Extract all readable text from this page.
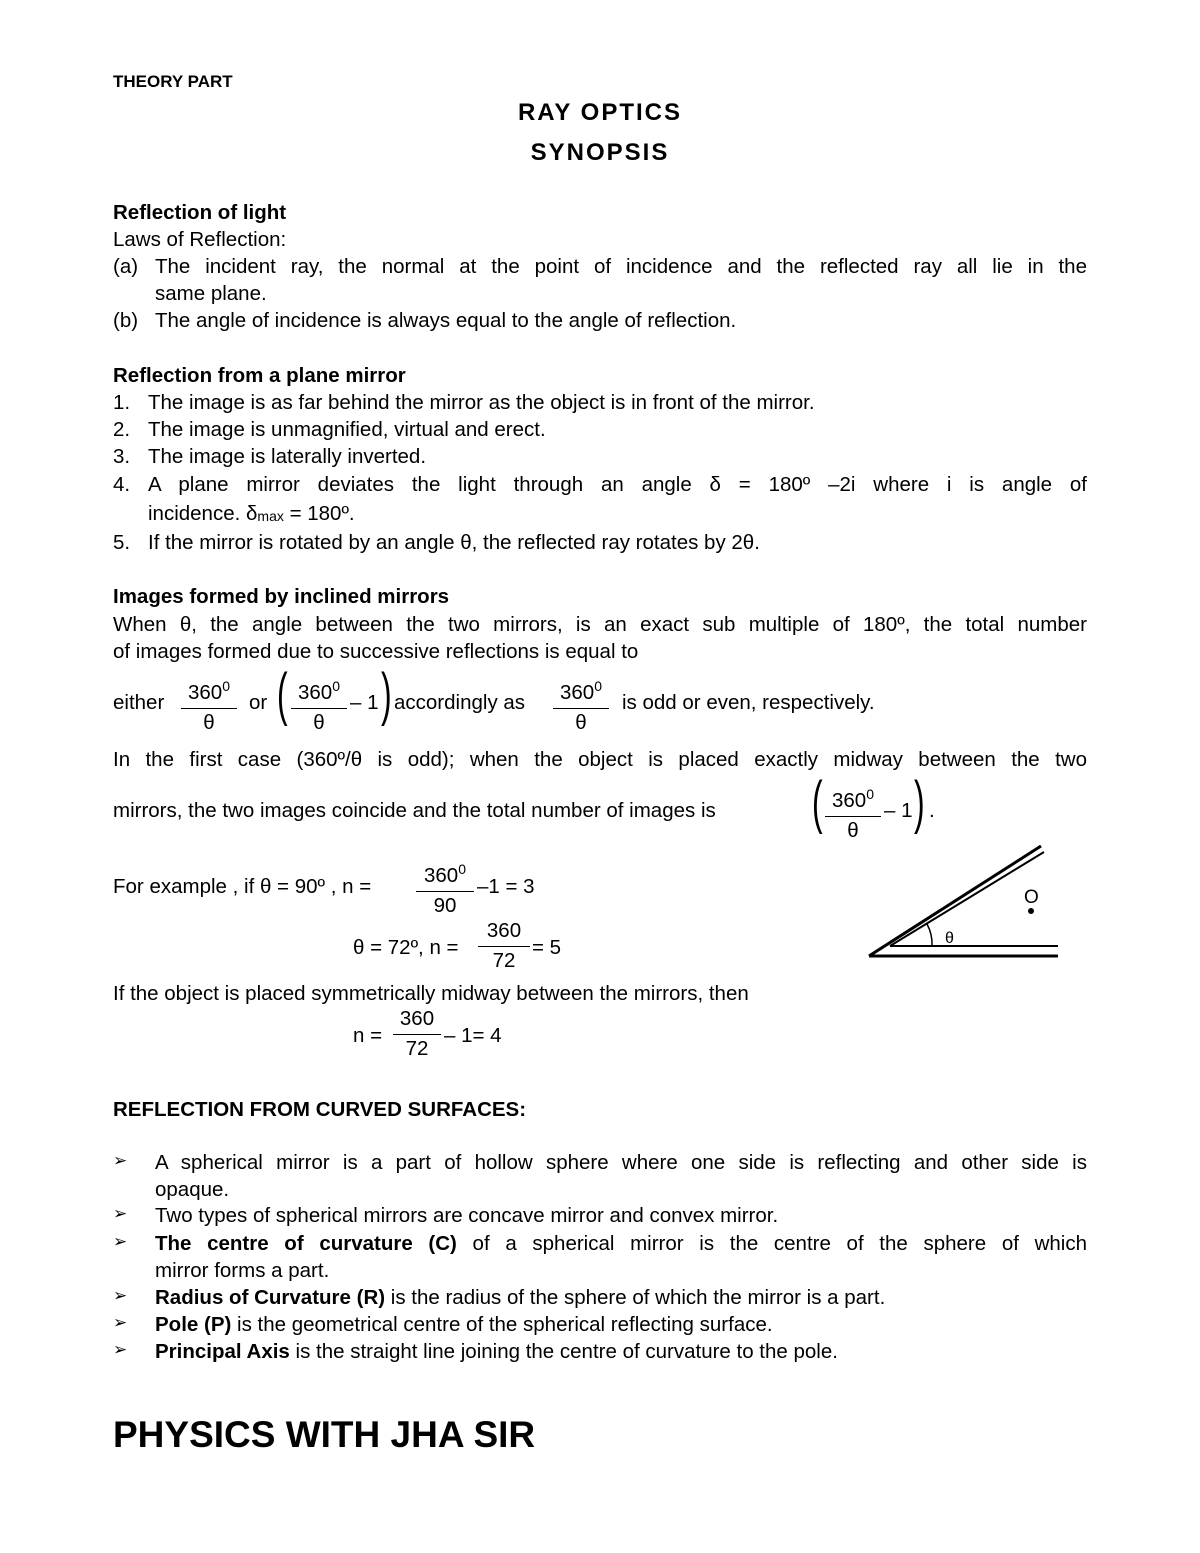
THEORY PART
RAY OPTICS
SYNOPSIS
Reflection of light
Laws of Reflection:
(a) The incident ray, the normal at the point of incidence and the reflected ray all lie in the
same plane.
(b) The angle of incidence is always equal to the angle of reflection.
Reflection from a plane mirror
1. The image is as far behind the mirror as the object is in front of the mirror.
2. The image is unmagnified, virtual and erect.
3. The image is laterally inverted.
4. A plane mirror deviates the light through an angle δ = 180º –2i where i is angle of
incidence. $\delta_{max}$ = 180º.
5. If the mirror is rotated by an angle θ, the reflected ray rotates by 2θ.
Images formed by inclined mirrors
When θ, the angle between the two mirrors, is an exact sub multiple of 180º, the total number
of images formed due to successive reflections is equal to
either	$360^0$
θ
or ( $360^0$
θ
– 1 ) accordingly as	$360^0$
θ
is odd or even, respectively.
In the first case (360º/θ is odd); when the object is placed exactly midway between the two
mirrors, the two images coincide and the total number of images is ( $360^0$
θ
– 1 ) .
For example , if θ = 90º , n =	$360^0$
90
–1 = 3
θ = 72º, n =
360
72
= 5
If the object is placed symmetrically midway between the mirrors, then
n =
360
72
– 1= 4
θ
O
REFLECTION FROM CURVED SURFACES:
➢ A spherical mirror is a part of hollow sphere where one side is reflecting and other side is
opaque.
➢ Two types of spherical mirrors are concave mirror and convex mirror.
➢ The centre of curvature (C) of a spherical mirror is the centre of the sphere of which
mirror forms a part.
➢ Radius of Curvature (R) is the radius of the sphere of which the mirror is a part.
➢ Pole (P) is the geometrical centre of the spherical reflecting surface.
➢ Principal Axis is the straight line joining the centre of curvature to the pole.
PHYSICS WITH JHA SIR
